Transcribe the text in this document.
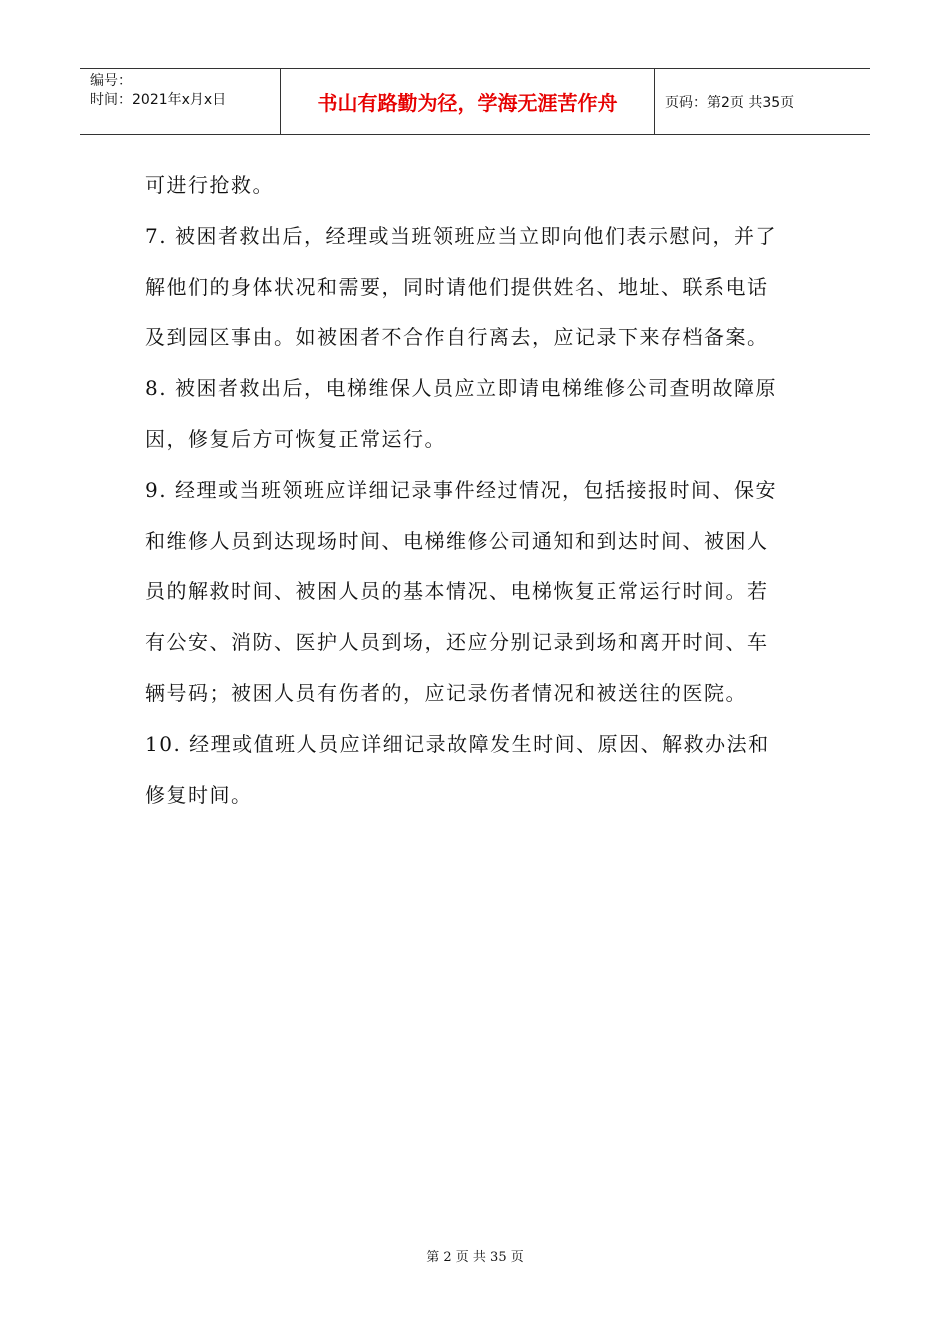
编号：
时间：2021年x月x日	书山有路勤为径，学海无涯苦作舟	页码：第2页 共35页
可进行抢救。
7. 被困者救出后，经理或当班领班应当立即向他们表示慰问，并了
解他们的身体状况和需要，同时请他们提供姓名、地址、联系电话
及到园区事由。如被困者不合作自行离去，应记录下来存档备案。
8. 被困者救出后，电梯维保人员应立即请电梯维修公司查明故障原
因，修复后方可恢复正常运行。
9. 经理或当班领班应详细记录事件经过情况，包括接报时间、保安
和维修人员到达现场时间、电梯维修公司通知和到达时间、被困人
员的解救时间、被困人员的基本情况、电梯恢复正常运行时间。若
有公安、消防、医护人员到场，还应分别记录到场和离开时间、车
辆号码；被困人员有伤者的，应记录伤者情况和被送往的医院。
10. 经理或值班人员应详细记录故障发生时间、原因、解救办法和
修复时间。
第 2 页 共 35 页
